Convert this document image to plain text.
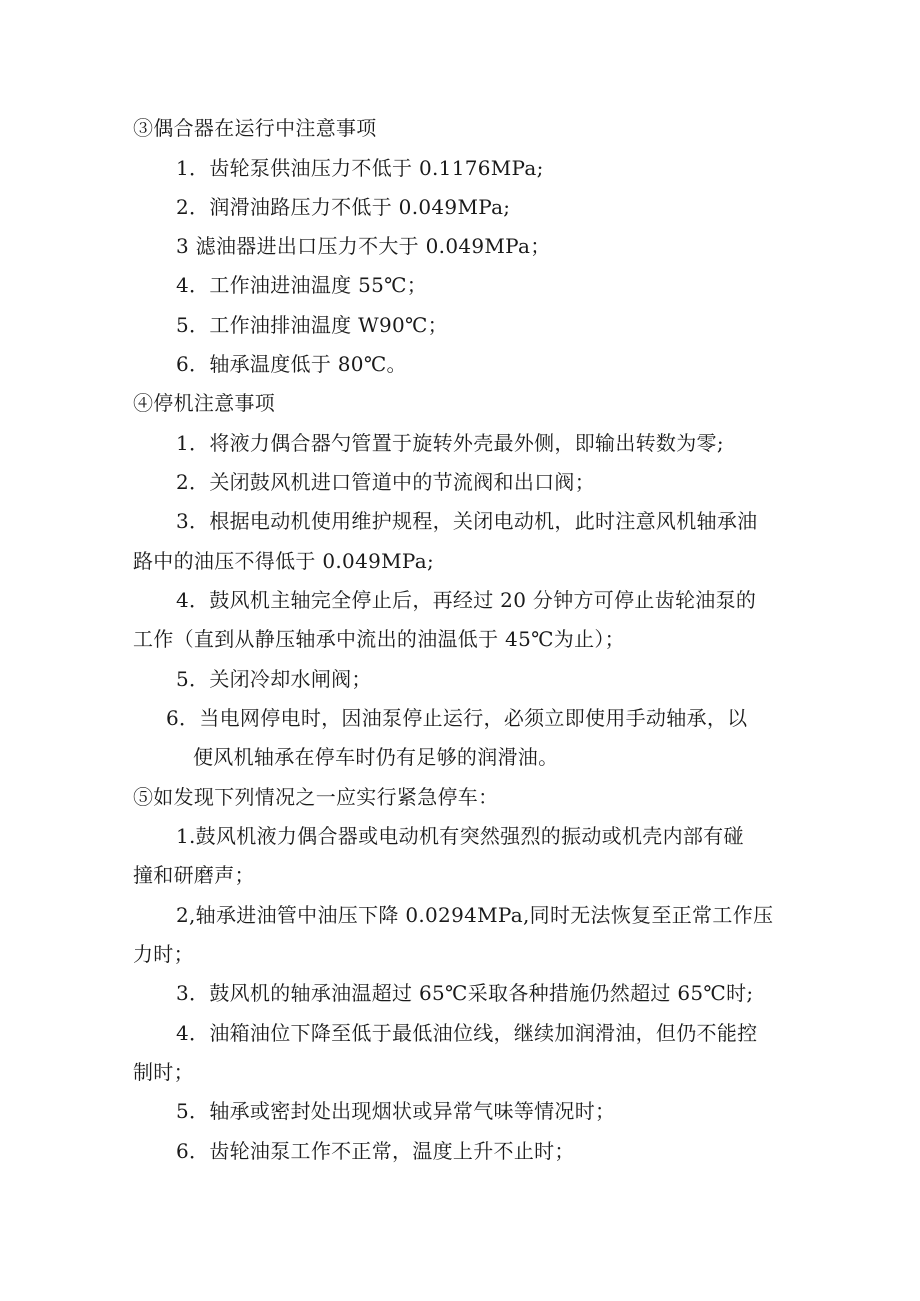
③偶合器在运行中注意事项
1．齿轮泵供油压力不低于 0.1176MPa;
2．润滑油路压力不低于 0.049MPa;
3 滤油器进出口压力不大于 0.049MPa；
4．工作油进油温度 55℃；
5．工作油排油温度 W90℃；
6．轴承温度低于 80℃。
④停机注意事项
1．将液力偶合器勺管置于旋转外壳最外侧，即输出转数为零;
2．关闭鼓风机进口管道中的节流阀和出口阀；
3．根据电动机使用维护规程，关闭电动机，此时注意风机轴承油
路中的油压不得低于 0.049MPa;
4．鼓风机主轴完全停止后，再经过 20 分钟方可停止齿轮油泵的
工作（直到从静压轴承中流出的油温低于 45℃为止）；
5．关闭冷却水闸阀；
6．当电网停电时，因油泵停止运行，必须立即使用手动轴承，以
便风机轴承在停车时仍有足够的润滑油。
⑤如发现下列情况之一应实行紧急停车：
1.鼓风机液力偶合器或电动机有突然强烈的振动或机壳内部有碰
撞和研磨声；
2,轴承进油管中油压下降 0.0294MPa,同时无法恢复至正常工作压
力时；
3．鼓风机的轴承油温超过 65℃采取各种措施仍然超过 65℃时;
4．油箱油位下降至低于最低油位线，继续加润滑油，但仍不能控
制时；
5．轴承或密封处出现烟状或异常气味等情况时；
6．齿轮油泵工作不正常，温度上升不止时；
